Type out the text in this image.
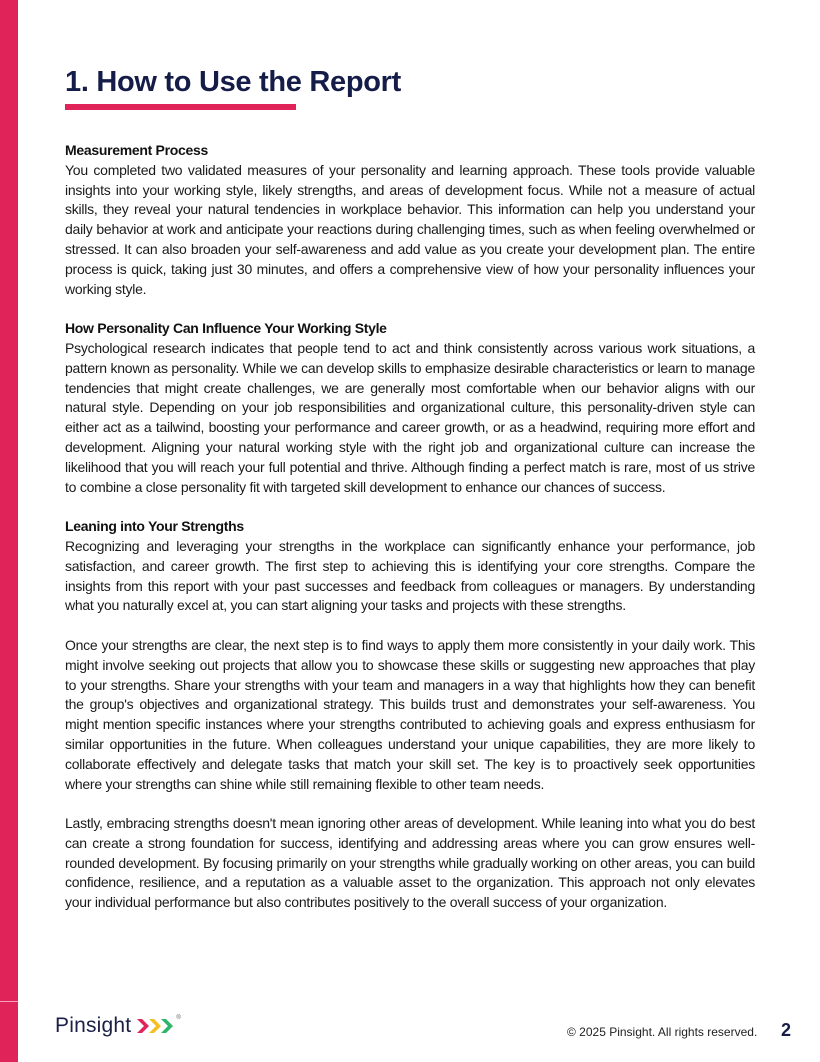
1. How to Use the Report

Measurement Process

You completed two validated measures of your personality and learning approach. These tools provide valuable insights into your working style, likely strengths, and areas of development focus. While not a measure of actual skills, they reveal your natural tendencies in workplace behavior. This information can help you understand your daily behavior at work and anticipate your reactions during challenging times, such as when feeling overwhelmed or stressed. It can also broaden your self-awareness and add value as you create your development plan. The entire process is quick, taking just 30 minutes, and offers a comprehensive view of how your personality influences your working style.

How Personality Can Influence Your Working Style

Psychological research indicates that people tend to act and think consistently across various work situations, a pattern known as personality. While we can develop skills to emphasize desirable characteristics or learn to manage tendencies that might create challenges, we are generally most comfortable when our behavior aligns with our natural style. Depending on your job responsibilities and organizational culture, this personality-driven style can either act as a tailwind, boosting your performance and career growth, or as a headwind, requiring more effort and development. Aligning your natural working style with the right job and organizational culture can increase the likelihood that you will reach your full potential and thrive. Although finding a perfect match is rare, most of us strive to combine a close personality fit with targeted skill development to enhance our chances of success.

Leaning into Your Strengths

Recognizing and leveraging your strengths in the workplace can significantly enhance your performance, job satisfaction, and career growth. The first step to achieving this is identifying your core strengths. Compare the insights from this report with your past successes and feedback from colleagues or managers. By understanding what you naturally excel at, you can start aligning your tasks and projects with these strengths.

Once your strengths are clear, the next step is to find ways to apply them more consistently in your daily work. This might involve seeking out projects that allow you to showcase these skills or suggesting new approaches that play to your strengths. Share your strengths with your team and managers in a way that highlights how they can benefit the group's objectives and organizational strategy. This builds trust and demonstrates your self-awareness. You might mention specific instances where your strengths contributed to achieving goals and express enthusiasm for similar opportunities in the future. When colleagues understand your unique capabilities, they are more likely to collaborate effectively and delegate tasks that match your skill set. The key is to proactively seek opportunities where your strengths can shine while still remaining flexible to other team needs.

Lastly, embracing strengths doesn't mean ignoring other areas of development. While leaning into what you do best can create a strong foundation for success, identifying and addressing areas where you can grow ensures well-rounded development. By focusing primarily on your strengths while gradually working on other areas, you can build confidence, resilience, and a reputation as a valuable asset to the organization. This approach not only elevates your individual performance but also contributes positively to the overall success of your organization.

Pinsight	®
© 2025 Pinsight. All rights reserved. 2
